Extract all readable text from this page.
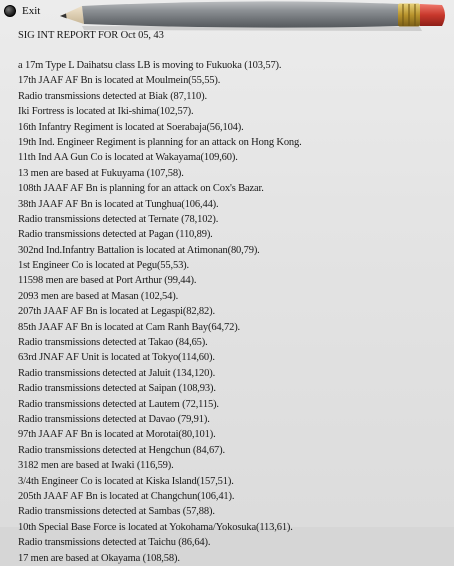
Exit
SIG INT REPORT FOR Oct 05, 43
a 17m Type L Daihatsu class LB is moving to Fukuoka (103,57).
17th JAAF AF Bn is located at Moulmein(55,55).
Radio transmissions detected at Biak (87,110).
Iki Fortress is located at Iki-shima(102,57).
16th Infantry Regiment is located at Soerabaja(56,104).
19th Ind. Engineer Regiment is planning for an attack on Hong Kong.
11th Ind AA Gun Co is located at Wakayama(109,60).
13 men are based at Fukuyama (107,58).
108th JAAF AF Bn is planning for an attack on Cox's Bazar.
38th JAAF AF Bn is located at Tunghua(106,44).
Radio transmissions detected at Ternate (78,102).
Radio transmissions detected at Pagan (110,89).
302nd Ind.Infantry Battalion is located at Atimonan(80,79).
1st Engineer Co is located at Pegu(55,53).
11598 men are based at Port Arthur (99,44).
2093 men are based at Masan (102,54).
207th JAAF AF Bn is located at Legaspi(82,82).
85th JAAF AF Bn is located at Cam Ranh Bay(64,72).
Radio transmissions detected at Takao (84,65).
63rd JNAF AF Unit is located at Tokyo(114,60).
Radio transmissions detected at Jaluit (134,120).
Radio transmissions detected at Saipan (108,93).
Radio transmissions detected at Lautem (72,115).
Radio transmissions detected at Davao (79,91).
97th JAAF AF Bn is located at Morotai(80,101).
Radio transmissions detected at Hengchun (84,67).
3182 men are based at Iwaki (116,59).
3/4th Engineer Co is located at Kiska Island(157,51).
205th JAAF AF Bn is located at Changchun(106,41).
Radio transmissions detected at Sambas (57,88).
10th Special Base Force is located at Yokohama/Yokosuka(113,61).
Radio transmissions detected at Taichu (86,64).
17 men are based at Okayama (108,58).
